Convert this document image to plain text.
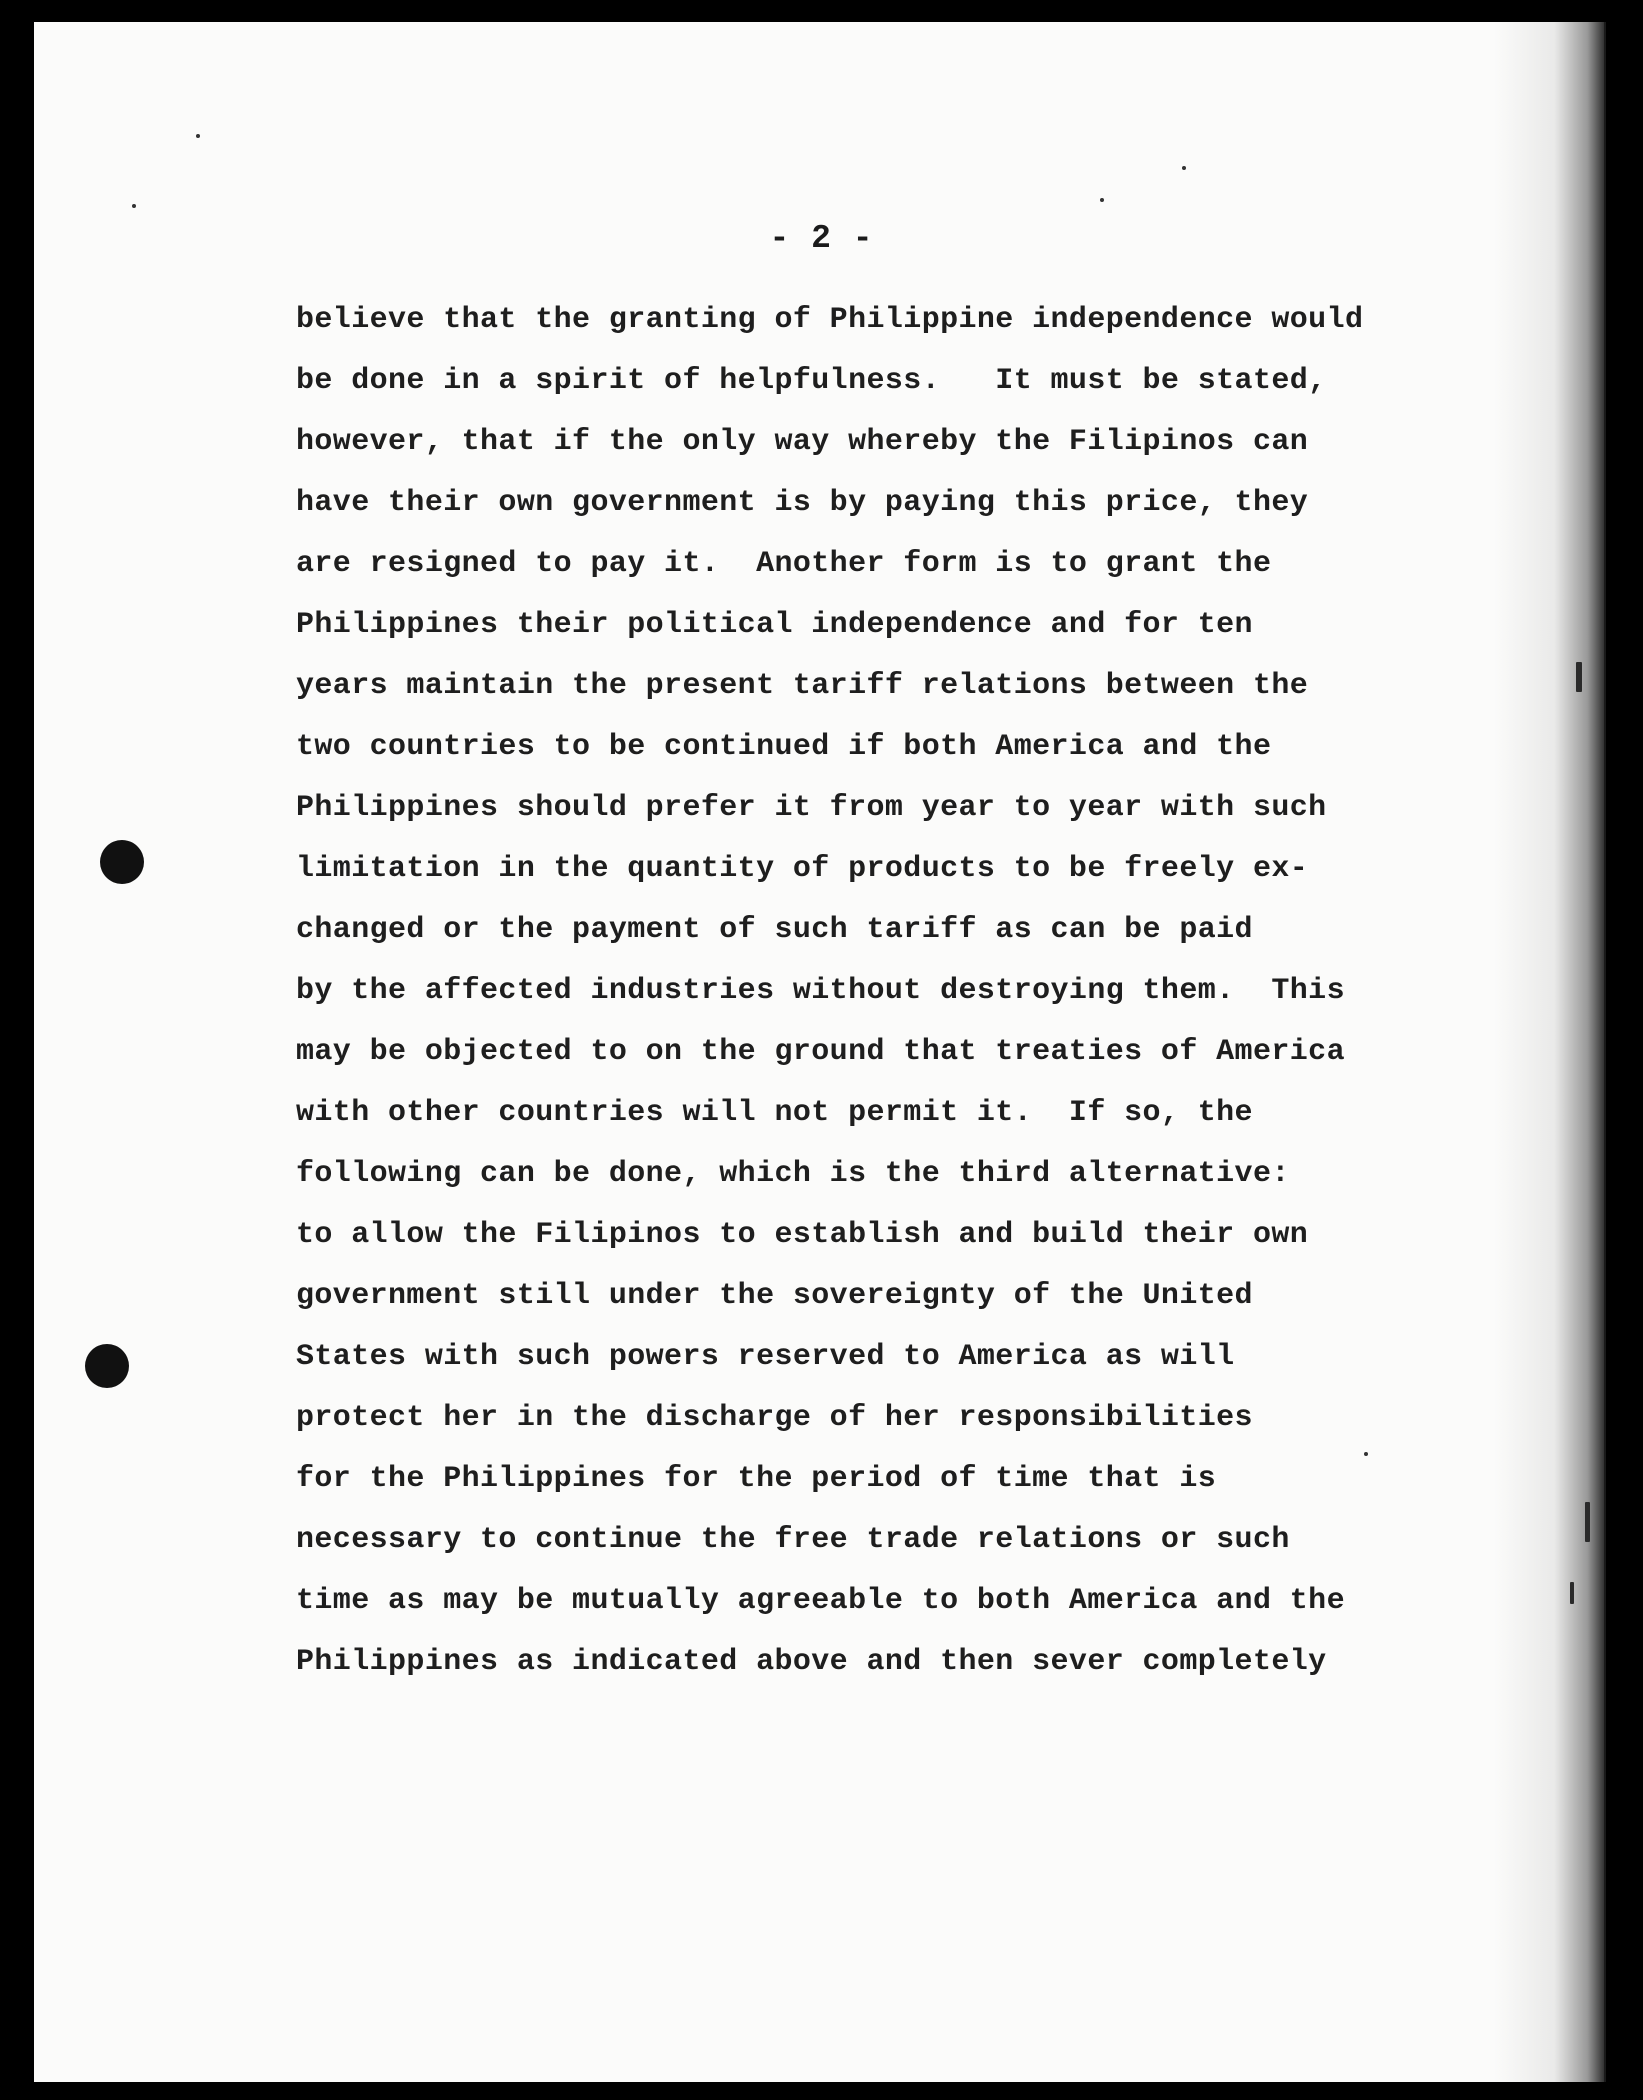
- 2 -
believe that the granting of Philippine independence would
be done in a spirit of helpfulness.   It must be stated,
however, that if the only way whereby the Filipinos can
have their own government is by paying this price, they
are resigned to pay it.  Another form is to grant the
Philippines their political independence and for ten
years maintain the present tariff relations between the
two countries to be continued if both America and the
Philippines should prefer it from year to year with such
limitation in the quantity of products to be freely ex-
changed or the payment of such tariff as can be paid
by the affected industries without destroying them.  This
may be objected to on the ground that treaties of America
with other countries will not permit it.  If so, the
following can be done, which is the third alternative:
to allow the Filipinos to establish and build their own
government still under the sovereignty of the United
States with such powers reserved to America as will
protect her in the discharge of her responsibilities
for the Philippines for the period of time that is
necessary to continue the free trade relations or such
time as may be mutually agreeable to both America and the
Philippines as indicated above and then sever completely
